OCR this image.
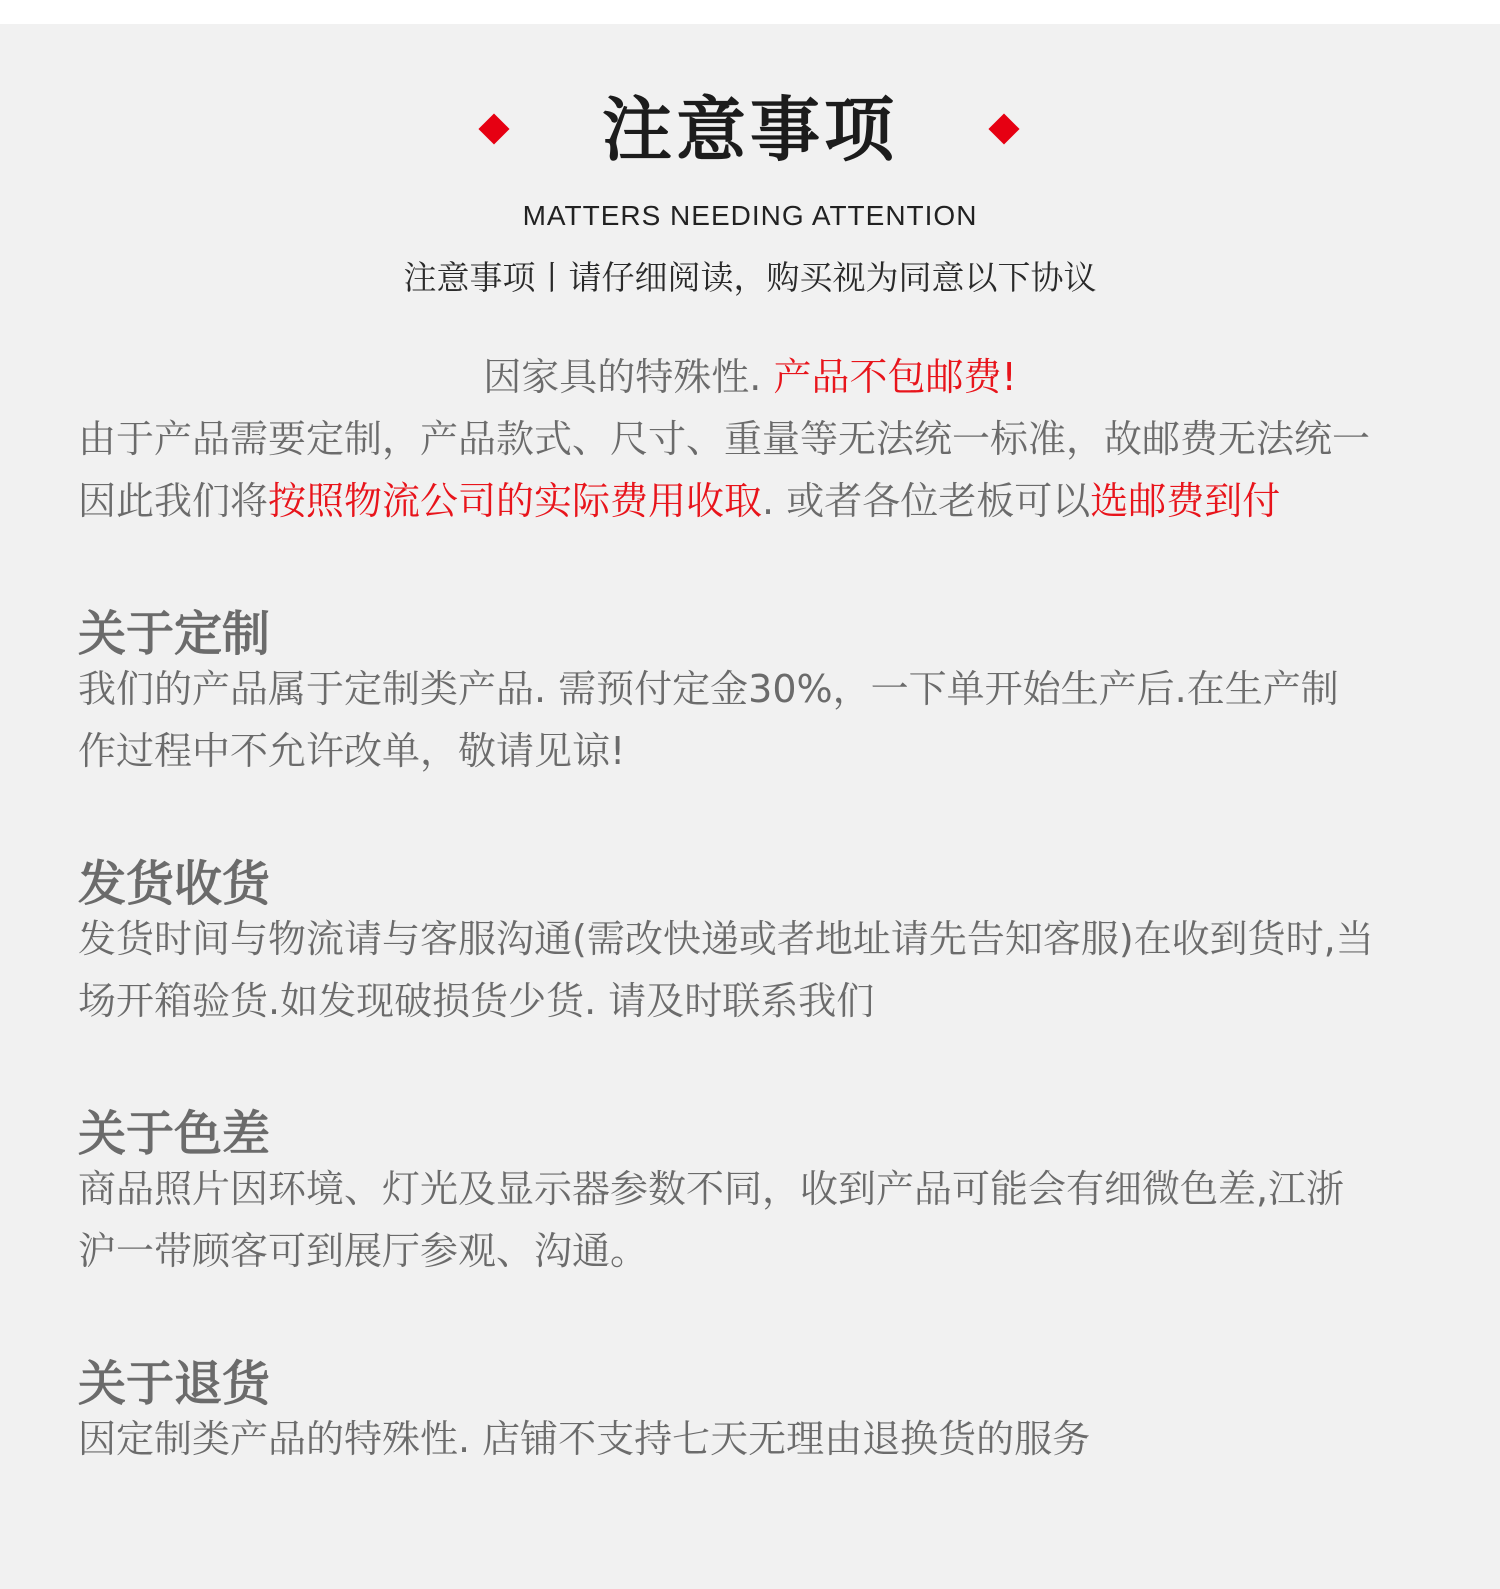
注意事项
MATTERS NEEDING ATTENTION
注意事项丨请仔细阅读，购买视为同意以下协议
因家具的特殊性. 产品不包邮费!
由于产品需要定制，产品款式、尺寸、重量等无法统一标准，故邮费无法统一
因此我们将按照物流公司的实际费用收取. 或者各位老板可以选邮费到付
关于定制
我们的产品属于定制类产品. 需预付定金30%，一下单开始生产后.在生产制
作过程中不允许改单，敬请见谅!
发货收货
发货时间与物流请与客服沟通(需改快递或者地址请先告知客服)在收到货时,当
场开箱验货.如发现破损货少货. 请及时联系我们
关于色差
商品照片因环境、灯光及显示器参数不同，收到产品可能会有细微色差,江浙
沪一带顾客可到展厅参观、沟通。
关于退货
因定制类产品的特殊性. 店铺不支持七天无理由退换货的服务
